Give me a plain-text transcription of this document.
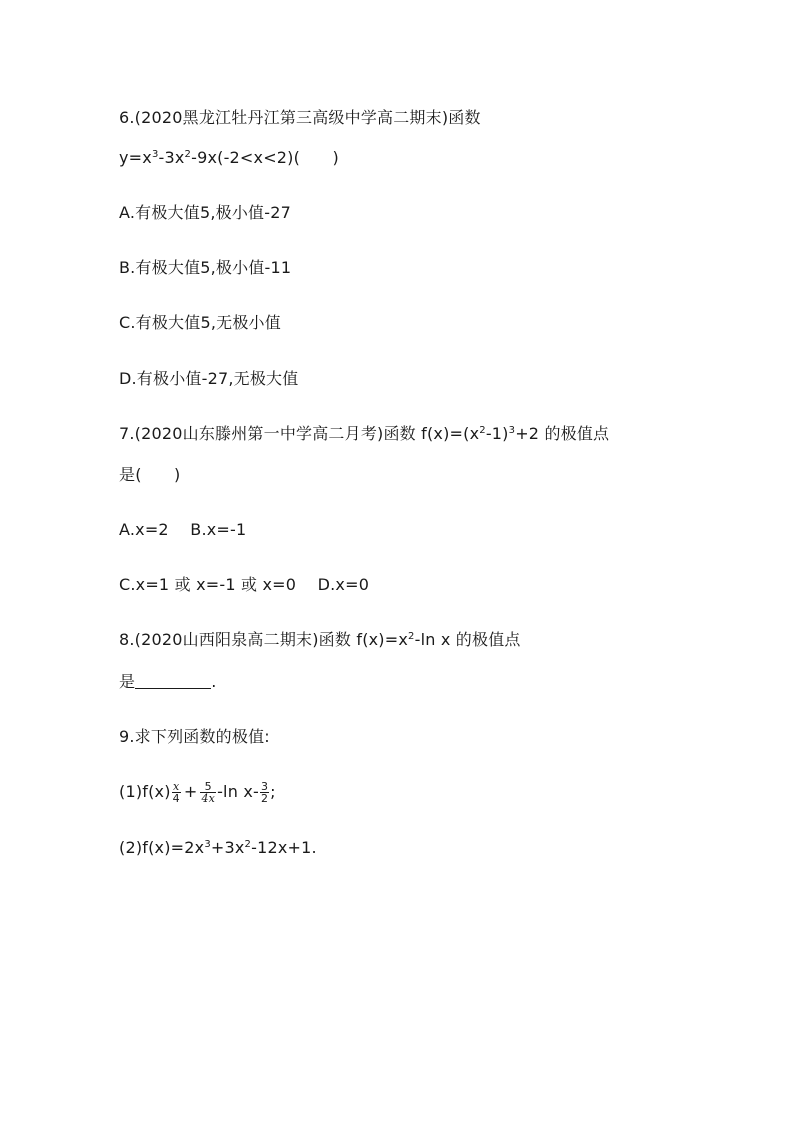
6.(2020黑龙江牡丹江第三高级中学高二期末)函数
$y=x^3-3x^2-9x(-2<x<2)$(　　)
A.有极大值5,极小值-27
B.有极大值5,极小值-11
C.有极大值5,无极小值
D.有极小值-27,无极大值
7.(2020山东滕州第一中学高二月考)函数 $f(x)=(x^2-1)^3+2$ 的极值点
是(　　)
A.x=2　 B.x=-1
C.x=1 或 x=-1 或 x=0　 D.x=0
8.(2020山西阳泉高二期末)函数 $f(x)=x^2-\ln$ x 的极值点
是	.
9.求下列函数的极值:
$(1)f(x) \frac{x}{4} + \frac{5}{4x} -\ln$ $x- \frac{3}{2}$ ;
$(2)f(x)=2x^3+3x^2-12x+1$.
